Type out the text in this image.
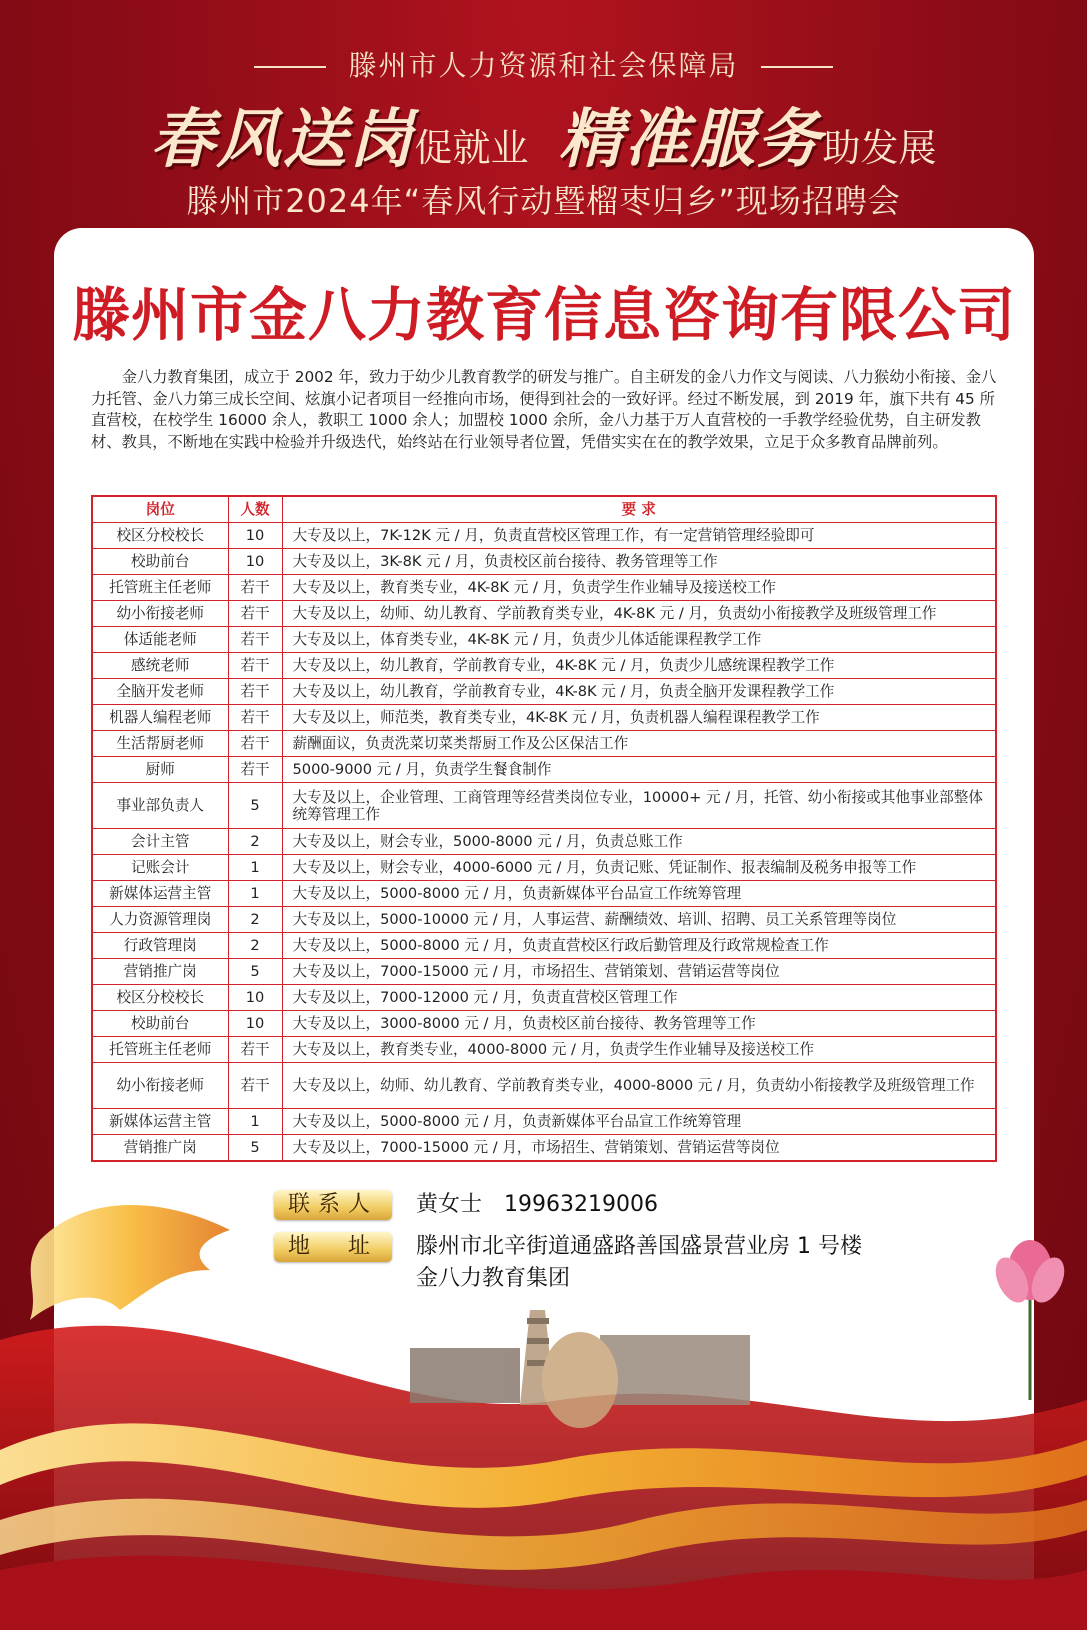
滕州市人力资源和社会保障局
春风送岗促就业 精准服务助发展
滕州市2024年“春风行动暨榴枣归乡”现场招聘会
滕州市金八力教育信息咨询有限公司

金八力教育集团，成立于 2002 年，致力于幼少儿教育教学的研发与推广。自主研发的金八力作文与阅读、八力猴幼小衔接、金八力托管、金八力第三成长空间、炫旗小记者项目一经推向市场，便得到社会的一致好评。经过不断发展，到 2019 年，旗下共有 45 所直营校，在校学生 16000 余人，教职工 1000 余人；加盟校 1000 余所，金八力基于万人直营校的一手教学经验优势，自主研发教材、教具，不断地在实践中检验并升级迭代，始终站在行业领导者位置，凭借实实在在的教学效果，立足于众多教育品牌前列。

岗位	人数	要 求
校区分校校长	10	大专及以上，7K-12K 元 / 月，负责直营校区管理工作，有一定营销管理经验即可
校助前台	10	大专及以上，3K-8K 元 / 月，负责校区前台接待、教务管理等工作
托管班主任老师	若干	大专及以上，教育类专业，4K-8K 元 / 月，负责学生作业辅导及接送校工作
幼小衔接老师	若干	大专及以上，幼师、幼儿教育、学前教育类专业，4K-8K 元 / 月，负责幼小衔接教学及班级管理工作
体适能老师	若干	大专及以上，体育类专业，4K-8K 元 / 月，负责少儿体适能课程教学工作
感统老师	若干	大专及以上，幼儿教育，学前教育专业，4K-8K 元 / 月，负责少儿感统课程教学工作
全脑开发老师	若干	大专及以上，幼儿教育，学前教育专业，4K-8K 元 / 月，负责全脑开发课程教学工作
机器人编程老师	若干	大专及以上，师范类，教育类专业，4K-8K 元 / 月，负责机器人编程课程教学工作
生活帮厨老师	若干	薪酬面议，负责洗菜切菜类帮厨工作及公区保洁工作
厨师	若干	5000-9000 元 / 月，负责学生餐食制作
事业部负责人	5	大专及以上，企业管理、工商管理等经营类岗位专业，10000+ 元 / 月，托管、幼小衔接或其他事业部整体统筹管理工作
会计主管	2	大专及以上，财会专业，5000-8000 元 / 月，负责总账工作
记账会计	1	大专及以上，财会专业，4000-6000 元 / 月，负责记账、凭证制作、报表编制及税务申报等工作
新媒体运营主管	1	大专及以上，5000-8000 元 / 月，负责新媒体平台品宣工作统筹管理
人力资源管理岗	2	大专及以上，5000-10000 元 / 月，人事运营、薪酬绩效、培训、招聘、员工关系管理等岗位
行政管理岗	2	大专及以上，5000-8000 元 / 月，负责直营校区行政后勤管理及行政常规检查工作
营销推广岗	5	大专及以上，7000-15000 元 / 月，市场招生、营销策划、营销运营等岗位
校区分校校长	10	大专及以上，7000-12000 元 / 月，负责直营校区管理工作
校助前台	10	大专及以上，3000-8000 元 / 月，负责校区前台接待、教务管理等工作
托管班主任老师	若干	大专及以上，教育类专业，4000-8000 元 / 月，负责学生作业辅导及接送校工作
幼小衔接老师	若干	大专及以上，幼师、幼儿教育、学前教育类专业，4000-8000 元 / 月，负责幼小衔接教学及班级管理工作
新媒体运营主管	1	大专及以上，5000-8000 元 / 月，负责新媒体平台品宣工作统筹管理
营销推广岗	5	大专及以上，7000-15000 元 / 月，市场招生、营销策划、营销运营等岗位
联系人	黄女士　19963219006
地　址	滕州市北辛街道通盛路善国盛景营业房 1 号楼
金八力教育集团
